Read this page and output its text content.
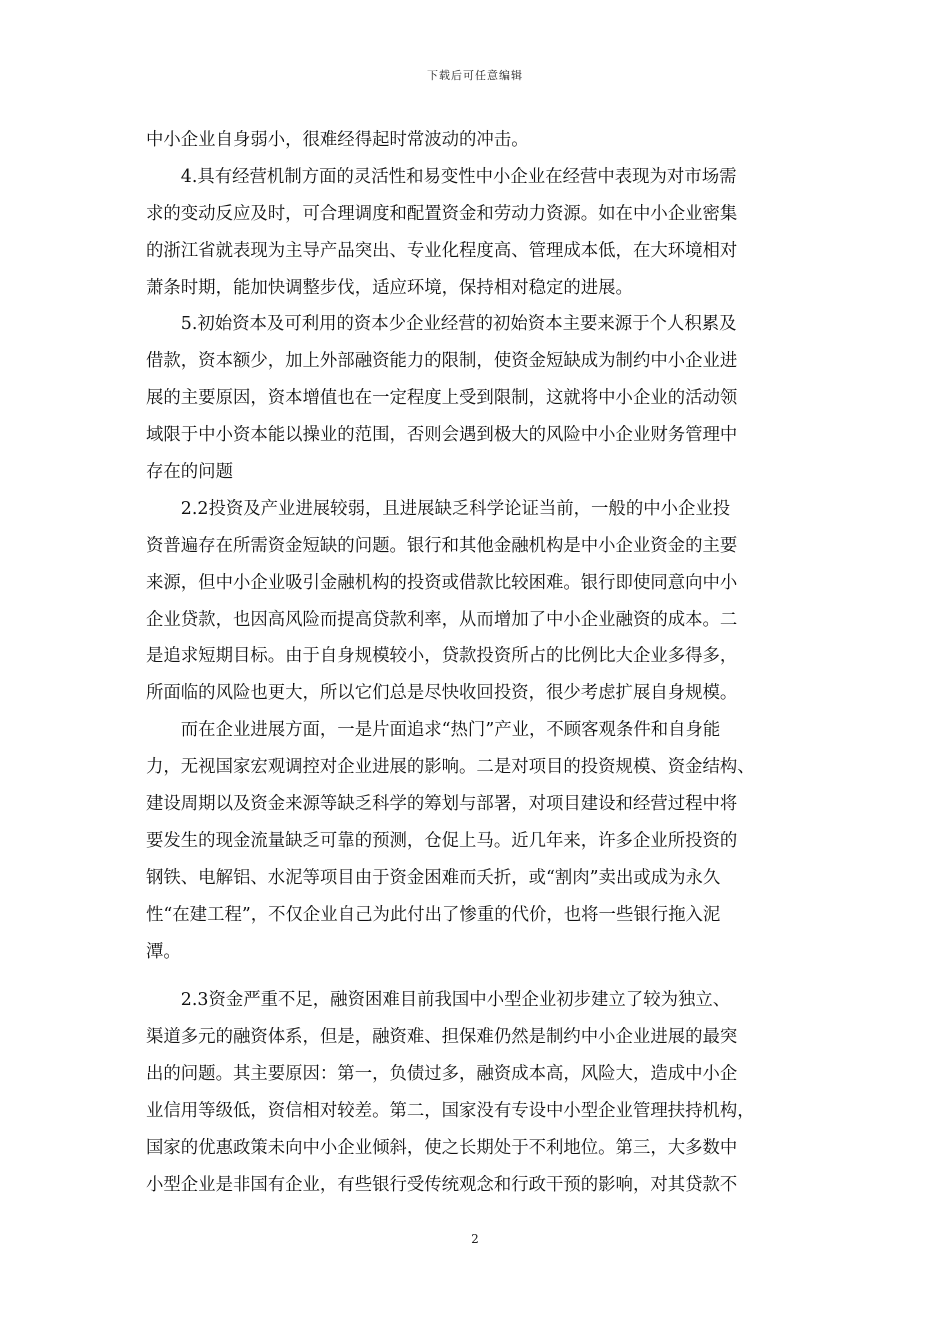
下载后可任意编辑
中小企业自身弱小，很难经得起时常波动的冲击。
　　4.具有经营机制方面的灵活性和易变性中小企业在经营中表现为对市场需
求的变动反应及时，可合理调度和配置资金和劳动力资源。如在中小企业密集
的浙江省就表现为主导产品突出、专业化程度高、管理成本低，在大环境相对
萧条时期，能加快调整步伐，适应环境，保持相对稳定的进展。
　　5.初始资本及可利用的资本少企业经营的初始资本主要来源于个人积累及
借款，资本额少，加上外部融资能力的限制，使资金短缺成为制约中小企业进
展的主要原因，资本增值也在一定程度上受到限制，这就将中小企业的活动领
域限于中小资本能以操业的范围，否则会遇到极大的风险中小企业财务管理中
存在的问题
　　2.2投资及产业进展较弱，且进展缺乏科学论证当前，一般的中小企业投
资普遍存在所需资金短缺的问题。银行和其他金融机构是中小企业资金的主要
来源，但中小企业吸引金融机构的投资或借款比较困难。银行即使同意向中小
企业贷款，也因高风险而提高贷款利率，从而增加了中小企业融资的成本。二
是追求短期目标。由于自身规模较小，贷款投资所占的比例比大企业多得多，
所面临的风险也更大，所以它们总是尽快收回投资，很少考虑扩展自身规模。
　　而在企业进展方面，一是片面追求“热门”产业，不顾客观条件和自身能
力，无视国家宏观调控对企业进展的影响。二是对项目的投资规模、资金结构、
建设周期以及资金来源等缺乏科学的筹划与部署，对项目建设和经营过程中将
要发生的现金流量缺乏可靠的预测，仓促上马。近几年来，许多企业所投资的
钢铁、电解铝、水泥等项目由于资金困难而夭折，或“割肉”卖出或成为永久
性“在建工程”，不仅企业自己为此付出了惨重的代价，也将一些银行拖入泥
潭。
　　2.3资金严重不足，融资困难目前我国中小型企业初步建立了较为独立、
渠道多元的融资体系，但是，融资难、担保难仍然是制约中小企业进展的最突
出的问题。其主要原因：第一，负债过多，融资成本高，风险大，造成中小企
业信用等级低，资信相对较差。第二，国家没有专设中小型企业管理扶持机构，
国家的优惠政策未向中小企业倾斜，使之长期处于不利地位。第三，大多数中
小型企业是非国有企业，有些银行受传统观念和行政干预的影响，对其贷款不
2
